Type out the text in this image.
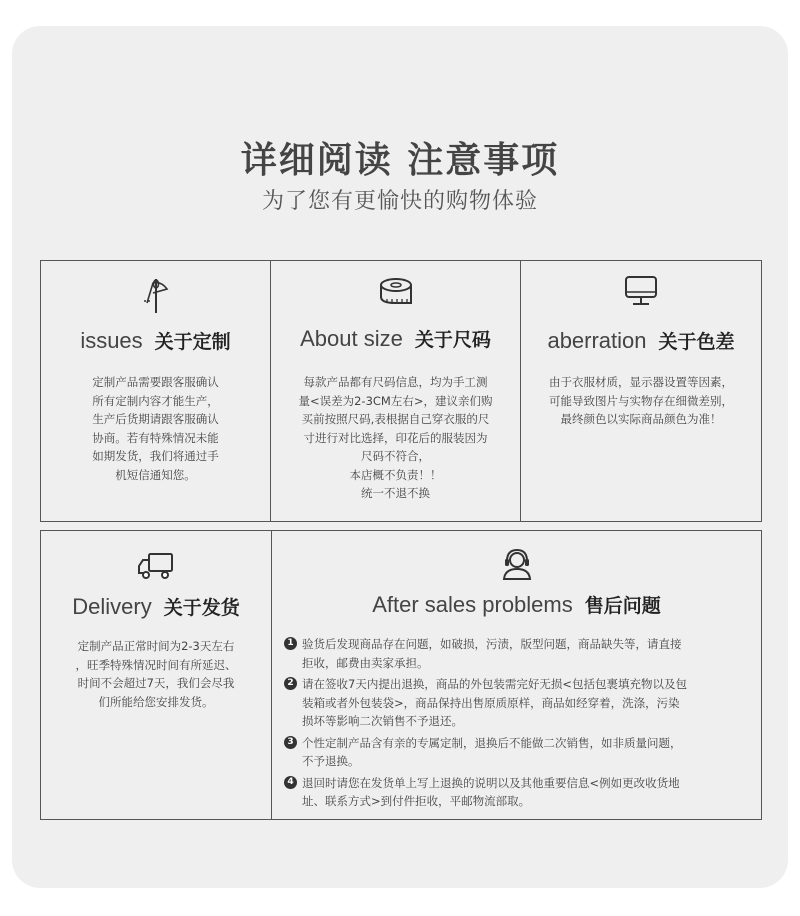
详细阅读 注意事项
为了您有更愉快的购物体验
issues 关于定制
定制产品需要跟客服确认
所有定制内容才能生产，
生产后货期请跟客服确认
协商。若有特殊情况未能
如期发货，我们将通过手
机短信通知您。
About size 关于尺码
每款产品都有尺码信息，均为手工测
量<误差为2-3CM左右>，建议亲们购
买前按照尺码,表根据自己穿衣服的尺
寸进行对比选择，印花后的服装因为
尺码不符合，
本店概不负责！！
统一不退不换
aberration 关于色差
由于衣服材质，显示器设置等因素，
可能导致图片与实物存在细微差别，
最终颜色以实际商品颜色为准！
Delivery 关于发货
定制产品正常时间为2-3天左右
，旺季特殊情况时间有所延迟、
时间不会超过7天，我们会尽我
们所能给您安排发货。
After sales problems 售后问题
1 验货后发现商品存在问题，如破损，污渍，版型问题，商品缺失等，请直接
拒收，邮费由卖家承担。
2 请在签收7天内提出退换，商品的外包装需完好无损<包括包裹填充物以及包
装箱或者外包装袋>，商品保持出售原质原样，商品如经穿着，洗涤，污染
损坏等影响二次销售不予退还。
3 个性定制产品含有亲的专属定制，退换后不能做二次销售，如非质量问题，
不予退换。
4 退回时请您在发货单上写上退换的说明以及其他重要信息<例如更改收货地
址、联系方式>到付件拒收，平邮物流部取。
